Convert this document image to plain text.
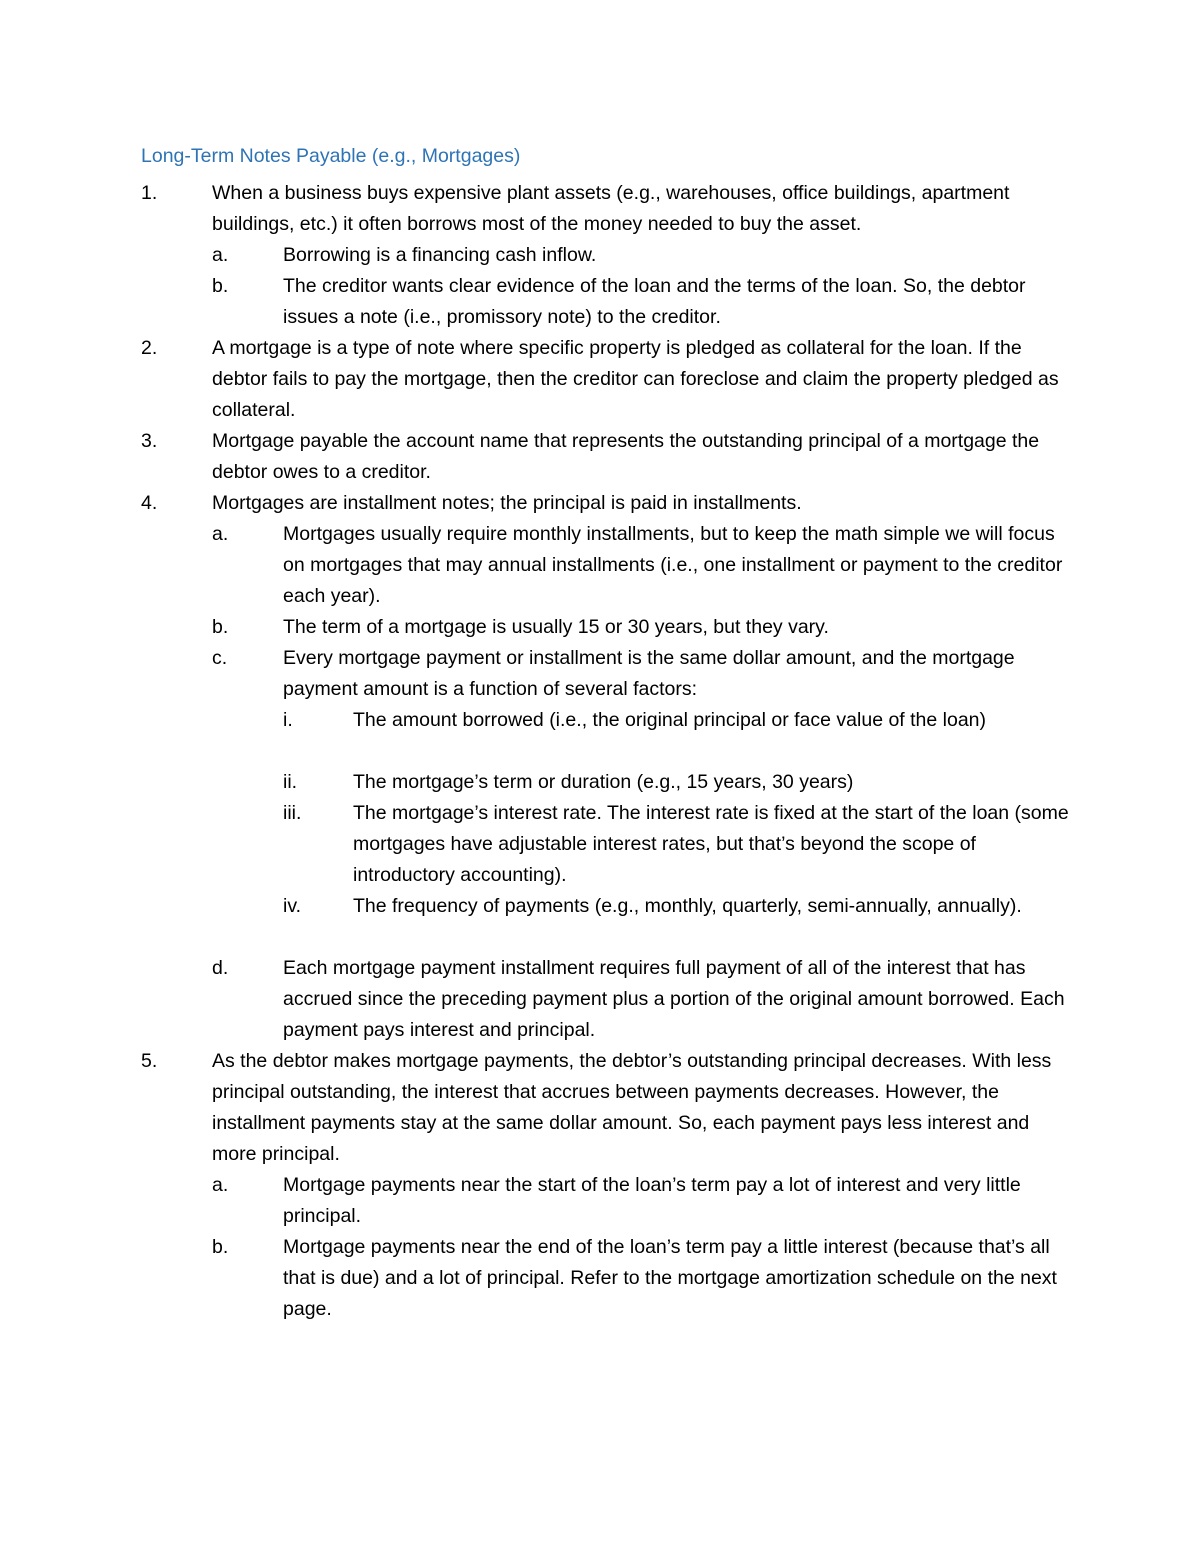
Long-Term Notes Payable (e.g., Mortgages)
1.	When a business buys expensive plant assets (e.g., warehouses, office buildings, apartment buildings, etc.) it often borrows most of the money needed to buy the asset.
a.	Borrowing is a financing cash inflow.
b.	The creditor wants clear evidence of the loan and the terms of the loan. So, the debtor issues a note (i.e., promissory note) to the creditor.
2.	A mortgage is a type of note where specific property is pledged as collateral for the loan. If the debtor fails to pay the mortgage, then the creditor can foreclose and claim the property pledged as collateral.
3.	Mortgage payable the account name that represents the outstanding principal of a mortgage the debtor owes to a creditor.
4.	Mortgages are installment notes; the principal is paid in installments.
a.	Mortgages usually require monthly installments, but to keep the math simple we will focus on mortgages that may annual installments (i.e., one installment or payment to the creditor each year).
b.	The term of a mortgage is usually 15 or 30 years, but they vary.
c.	Every mortgage payment or installment is the same dollar amount, and the mortgage payment amount is a function of several factors:
i.	The amount borrowed (i.e., the original principal or face value of the loan)
ii.	The mortgage’s term or duration (e.g., 15 years, 30 years)
iii.	The mortgage’s interest rate. The interest rate is fixed at the start of the loan (some mortgages have adjustable interest rates, but that’s beyond the scope of introductory accounting).
iv.	The frequency of payments (e.g., monthly, quarterly, semi-annually, annually).
d.	Each mortgage payment installment requires full payment of all of the interest that has accrued since the preceding payment plus a portion of the original amount borrowed. Each payment pays interest and principal.
5.	As the debtor makes mortgage payments, the debtor’s outstanding principal decreases. With less principal outstanding, the interest that accrues between payments decreases. However, the installment payments stay at the same dollar amount. So, each payment pays less interest and more principal.
a.	Mortgage payments near the start of the loan’s term pay a lot of interest and very little principal.
b.	Mortgage payments near the end of the loan’s term pay a little interest (because that’s all that is due) and a lot of principal. Refer to the mortgage amortization schedule on the next page.
